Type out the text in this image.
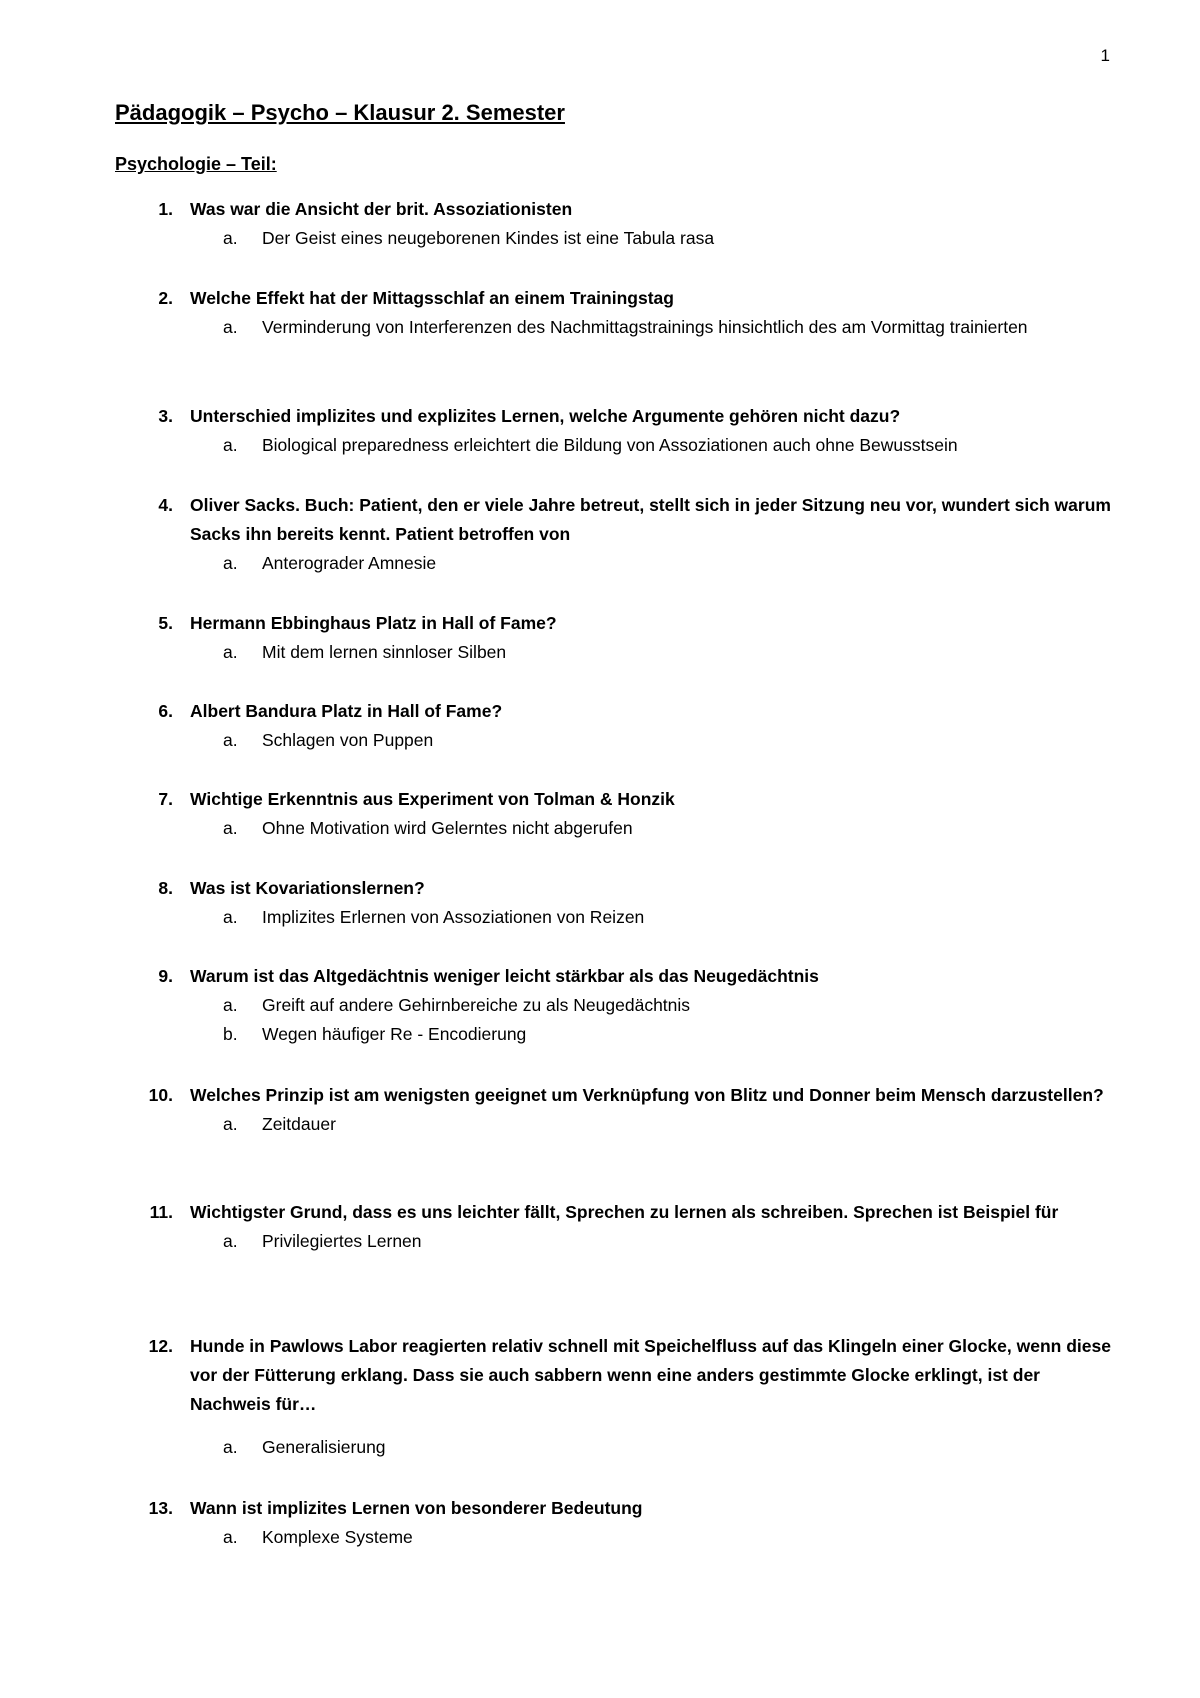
1
Pädagogik – Psycho – Klausur 2. Semester
Psychologie – Teil:
1. Was war die Ansicht der brit. Assoziationisten
a. Der Geist eines neugeborenen Kindes ist eine Tabula rasa
2. Welche Effekt hat der Mittagsschlaf an einem Trainingstag
a. Verminderung von Interferenzen des Nachmittagstrainings hinsichtlich des am Vormittag trainierten
3. Unterschied implizites und explizites Lernen, welche Argumente gehören nicht dazu?
a. Biological preparedness erleichtert die Bildung von Assoziationen auch ohne Bewusstsein
4. Oliver Sacks. Buch: Patient, den er viele Jahre betreut, stellt sich in jeder Sitzung neu vor, wundert sich warum Sacks ihn bereits kennt. Patient betroffen von
a. Anterograder Amnesie
5. Hermann Ebbinghaus Platz in Hall of Fame?
a. Mit dem lernen sinnloser Silben
6. Albert Bandura Platz in Hall of Fame?
a. Schlagen von Puppen
7. Wichtige Erkenntnis aus Experiment von Tolman & Honzik
a. Ohne Motivation wird Gelerntes nicht abgerufen
8. Was ist Kovariationslernen?
a. Implizites Erlernen von Assoziationen von Reizen
9. Warum ist das Altgedächtnis weniger leicht stärkbar als das Neugedächtnis
a. Greift auf andere Gehirnbereiche zu als Neugedächtnis
b. Wegen häufiger Re - Encodierung
10. Welches Prinzip ist am wenigsten geeignet um Verknüpfung von Blitz und Donner beim Mensch darzustellen?
a. Zeitdauer
11. Wichtigster Grund, dass es uns leichter fällt, Sprechen zu lernen als schreiben. Sprechen ist Beispiel für
a. Privilegiertes Lernen
12. Hunde in Pawlows Labor reagierten relativ schnell mit Speichelfluss auf das Klingeln einer Glocke, wenn diese vor der Fütterung erklang. Dass sie auch sabbern wenn eine anders gestimmte Glocke erklingt, ist der Nachweis für…
a. Generalisierung
13. Wann ist implizites Lernen von besonderer Bedeutung
a. Komplexe Systeme
